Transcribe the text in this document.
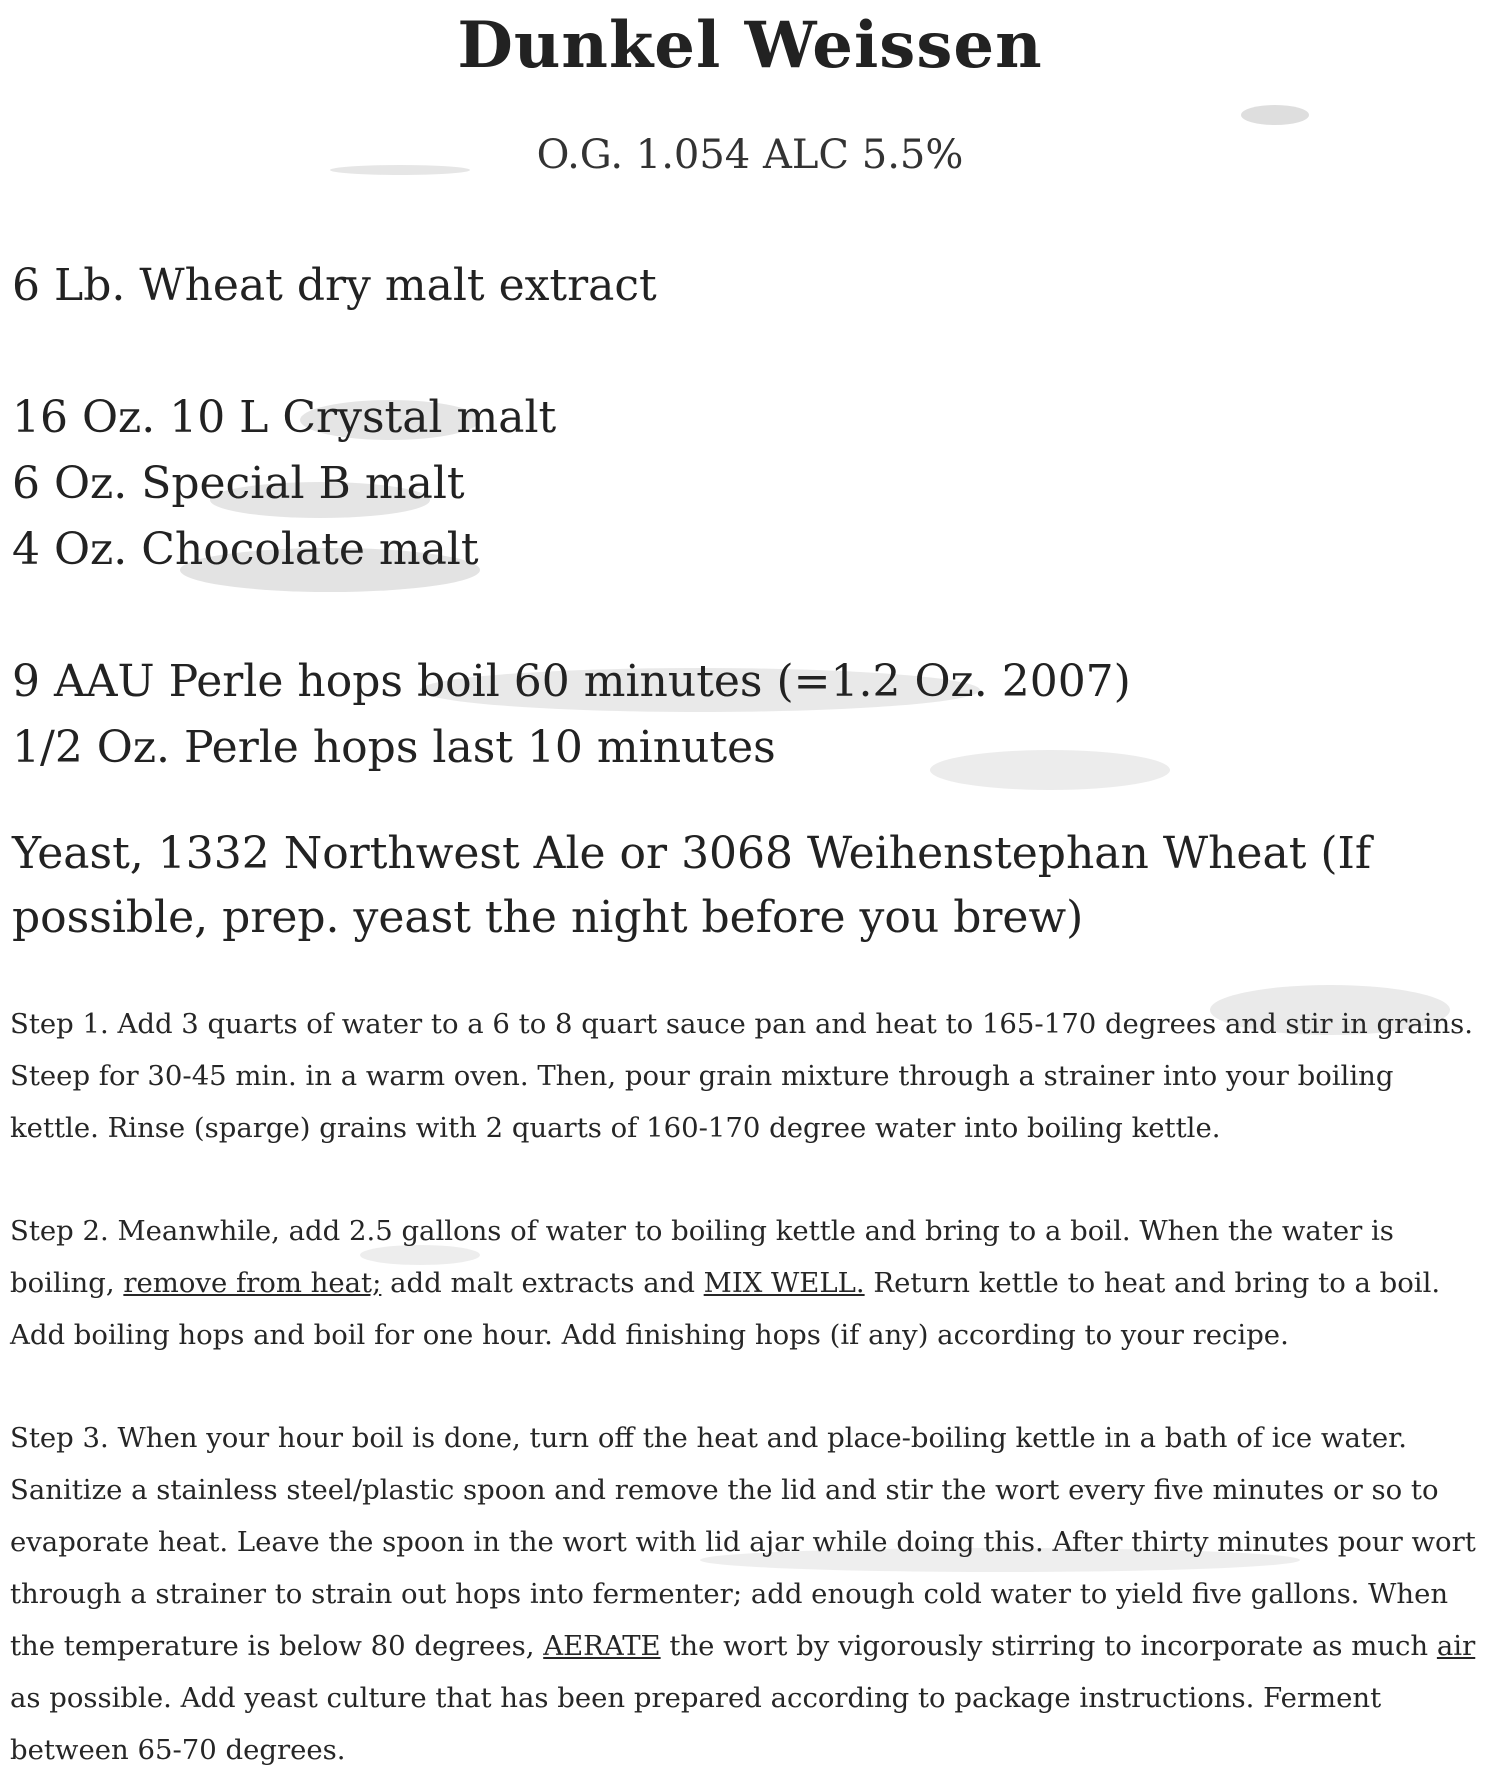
Dunkel Weissen
O.G. 1.054 ALC 5.5%
6 Lb. Wheat dry malt extract
16 Oz. 10 L Crystal malt
6 Oz. Special B malt
4 Oz. Chocolate malt
9 AAU Perle hops boil 60 minutes (=1.2 Oz. 2007)
1/2 Oz. Perle hops last 10 minutes
Yeast, 1332 Northwest Ale or 3068 Weihenstephan Wheat (If possible, prep. yeast the night before you brew)
Step 1. Add 3 quarts of water to a 6 to 8 quart sauce pan and heat to 165-170 degrees and stir in grains. Steep for 30-45 min. in a warm oven. Then, pour grain mixture through a strainer into your boiling kettle. Rinse (sparge) grains with 2 quarts of 160-170 degree water into boiling kettle.
Step 2. Meanwhile, add 2.5 gallons of water to boiling kettle and bring to a boil. When the water is boiling, remove from heat; add malt extracts and MIX WELL. Return kettle to heat and bring to a boil. Add boiling hops and boil for one hour. Add finishing hops (if any) according to your recipe.
Step 3. When your hour boil is done, turn off the heat and place-boiling kettle in a bath of ice water. Sanitize a stainless steel/plastic spoon and remove the lid and stir the wort every five minutes or so to evaporate heat. Leave the spoon in the wort with lid ajar while doing this. After thirty minutes pour wort through a strainer to strain out hops into fermenter; add enough cold water to yield five gallons. When the temperature is below 80 degrees, AERATE the wort by vigorously stirring to incorporate as much air as possible. Add yeast culture that has been prepared according to package instructions. Ferment between 65-70 degrees.
